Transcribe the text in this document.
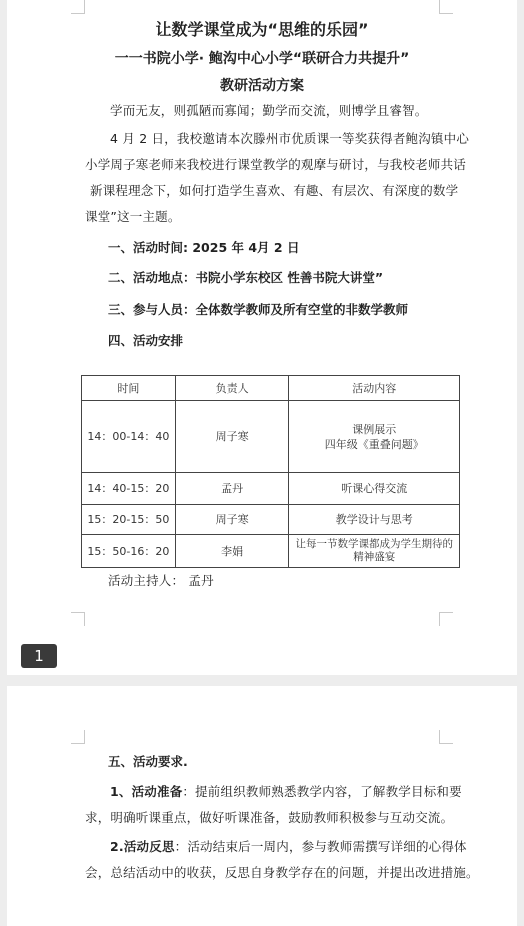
让数学课堂成为“思维的乐园”
一一书院小学· 鲍沟中心小学“联研合力共提升”
教研活动方案
学而无友，则孤陋而寡闻；勤学而交流，则博学且睿智。
4 月 2 日，我校邀请本次滕州市优质课一等奖获得者鲍沟镇中心
小学周子寒老师来我校进行课堂教学的观摩与研讨，与我校老师共话
新课程理念下，如何打造学生喜欢、有趣、有层次、有深度的数学
课堂”这一主题。
一、活动时间: 2025 年 4月 2 日
二、活动地点：书院小学东校区 性善书院大讲堂”
三、参与人员：全体数学教师及所有空堂的非数学教师
四、活动安排
时间	负责人	活动内容
14：00-14：40	周子寒	课例展示
四年级《重叠问题》

14：40-15：20	孟丹	听课心得交流
15：20-15：50	周子寒	教学设计与思考
15：50-16：20	李娟	让每一节数学课都成为学生期待的
精神盛宴
活动主持人： 孟丹
1
五、活动要求.
1、活动准备：提前组织教师熟悉教学内容，了解教学目标和要
求，明确听课重点，做好听课准备，鼓励教师积极参与互动交流。
2.活动反思：活动结束后一周内，参与教师需撰写详细的心得体
会，总结活动中的收获，反思自身教学存在的问题，并提出改进措施。
